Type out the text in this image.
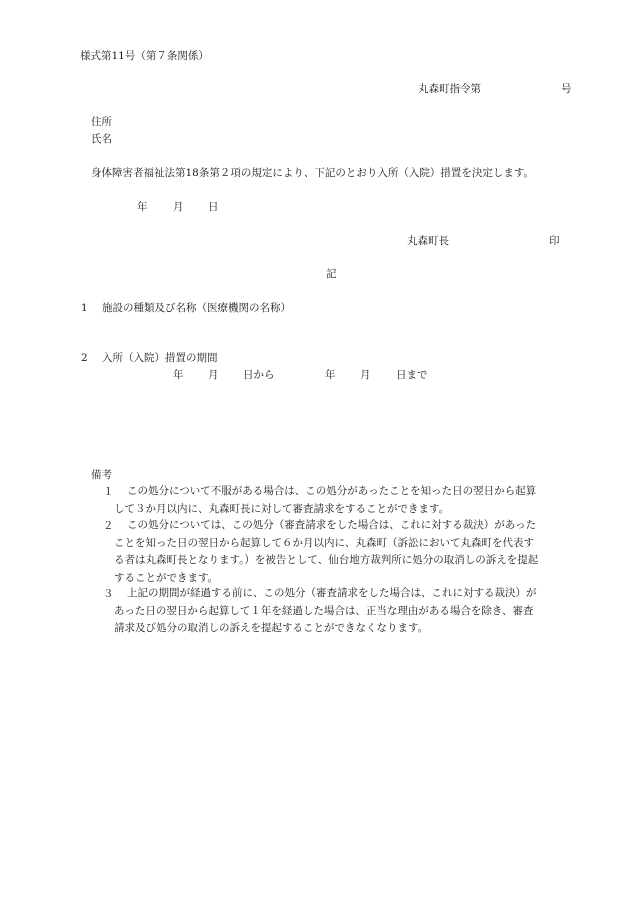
様式第11号（第７条関係）
丸森町指令第	号
住所
氏名
身体障害者福祉法第18条第２項の規定により、下記のとおり入所（入院）措置を決定します。
年 月 日
丸森町長	印
記
1 施設の種類及び名称（医療機関の名称）
2 入所（入院）措置の期間
年 月 日から	年 月 日まで
備考
１	この処分について不服がある場合は、この処分があったことを知った日の翌日から起算
して３か月以内に、丸森町長に対して審査請求をすることができます。
２	この処分については、この処分（審査請求をした場合は、これに対する裁決）があった
ことを知った日の翌日から起算して６か月以内に、丸森町（訴訟において丸森町を代表す
る者は丸森町長となります。）を被告として、仙台地方裁判所に処分の取消しの訴えを提起
することができます。
３	上記の期間が経過する前に、この処分（審査請求をした場合は、これに対する裁決）が
あった日の翌日から起算して１年を経過した場合は、正当な理由がある場合を除き、審査
請求及び処分の取消しの訴えを提起することができなくなります。
